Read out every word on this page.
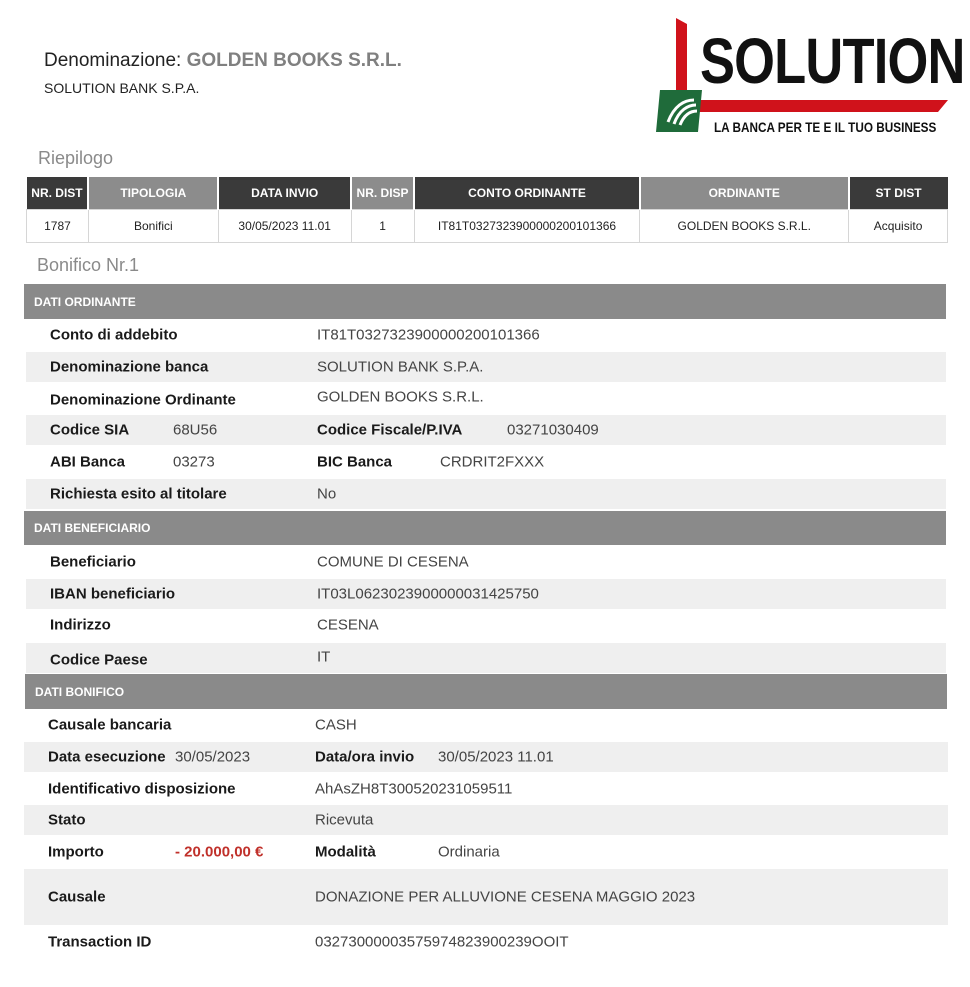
Denominazione: GOLDEN BOOKS S.R.L.
SOLUTION BANK S.P.A.	SOLUTION
LA BANCA PER TE E IL TUO BUSINESS
Riepilogo
NR. DIST	TIPOLOGIA	DATA INVIO	NR. DISP	CONTO ORDINANTE	ORDINANTE	ST DIST
1787	Bonifici	30/05/2023 11.01	1	IT81T0327323900000200101366	GOLDEN BOOKS S.R.L.	Acquisito
Bonifico Nr.1
DATI ORDINANTE
Conto di addebito	IT81T0327323900000200101366
Denominazione banca	SOLUTION BANK S.P.A.
Denominazione Ordinante	GOLDEN BOOKS S.R.L.
Codice SIA	68U56	Codice Fiscale/P.IVA	03271030409
ABI Banca	03273	BIC Banca	CRDRIT2FXXX
Richiesta esito al titolare	No
DATI BENEFICIARIO
Beneficiario	COMUNE DI CESENA
IBAN beneficiario	IT03L0623023900000031425750
Indirizzo	CESENA
Codice Paese	IT
DATI BONIFICO
Causale bancaria	CASH
Data esecuzione 30/05/2023	Data/ora invio 30/05/2023 11.01
Identificativo disposizione	AhAsZH8T300520231059511
Stato	Ricevuta
Importo	- 20.000,00 €	Modalità	Ordinaria
Causale	DONAZIONE PER ALLUVIONE CESENA MAGGIO 2023
Transaction ID	03273000003575974823900239OOIT
